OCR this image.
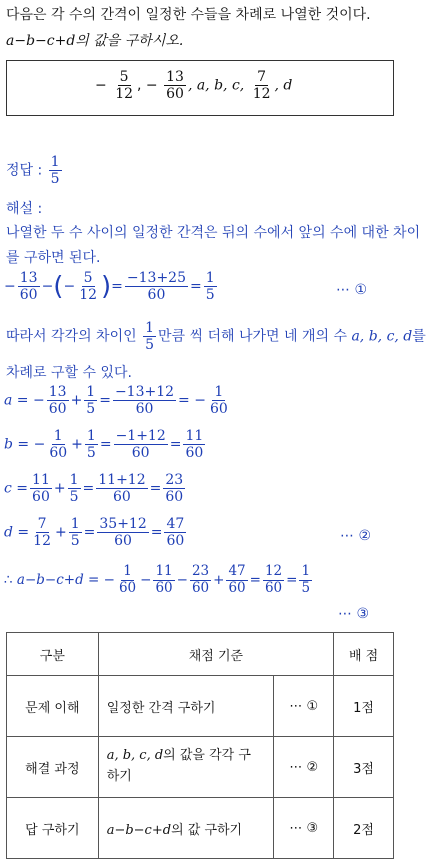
다음은 각 수의 간격이 일정한 수들을 차례로 나열한 것이다.
a−b−c+d의 값을 구하시오.
− $\frac{5}{12}$ , − $\frac{13}{60}$ , a, b, c, $\frac{7}{12}$ , d
정답 : $\frac{1}{5}$
해설 :
나열한 두 수 사이의 일정한 간격은 뒤의 수에서 앞의 수에 대한 차이
를 구하면 된다.
− $\frac{13}{60}$ −(− $\frac{5}{12}$ )= $\frac{-13+25}{60} = \frac{1}{5}$	⋯ ①
따라서 각각의 차이인 $\frac{1}{5}$ 만큼 씩 더해 나가면 네 개의 수 a, b, c, d를
차례로 구할 수 있다.
a = − $\frac{13}{60} + \frac{1}{5} = \frac{-13+12}{60}$ = − $\frac{1}{60}$
b = − $\frac{1}{60} + \frac{1}{5} = \frac{-1+12}{60} = \frac{11}{60}$
$c = \frac{11}{60} + \frac{1}{5} = \frac{11+12}{60} = \frac{23}{60}$
$d = \frac{7}{12} + \frac{1}{5} = \frac{35+12}{60} = \frac{47}{60}$	⋯ ②
∴ a−b−c+d = − $\frac{1}{60} - \frac{11}{60} - \frac{23}{60} + \frac{47}{60} = \frac{12}{60} = \frac{1}{5}$
⋯ ③
구분	채점 기준		배 점
문제 이해	일정한 간격 구하기	⋯ ①	1점
해결 과정	a, b, c, d의 값을 각각 구
하기	⋯ ②	3점
답 구하기	a−b−c+d의 값 구하기	⋯ ③	2점
